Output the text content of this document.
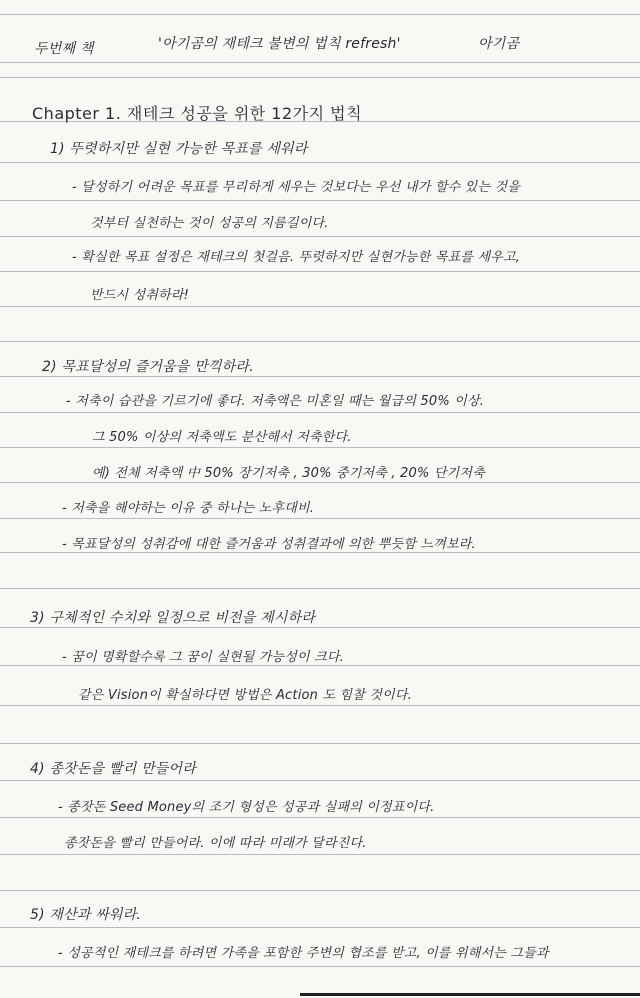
두번째 책	'아기곰의 재테크 불변의 법칙 refresh'	아기곰
Chapter 1. 재테크 성공을 위한 12가지 법칙
1) 뚜렷하지만 실현 가능한 목표를 세워라
- 달성하기 어려운 목표를 무리하게 세우는 것보다는 우선 내가 할수 있는 것을
것부터 실천하는 것이 성공의 지름길이다.
- 확실한 목표 설정은 재테크의 첫걸음. 뚜렷하지만 실현가능한 목표를 세우고,
반드시 성취하라!
2) 목표달성의 즐거움을 만끽하라.
- 저축이 습관을 기르기에 좋다. 저축액은 미혼일 때는 월급의 50% 이상.
그 50% 이상의 저축액도 분산해서 저축한다.
예) 전체 저축액 中 50% 장기저축 , 30% 중기저축 , 20% 단기저축
- 저축을 해야하는 이유 중 하나는 노후대비.
- 목표달성의 성취감에 대한 즐거움과 성취결과에 의한 뿌듯함 느껴보라.
3) 구체적인 수치와 일정으로 비전을 제시하라
- 꿈이 명확할수록 그 꿈이 실현될 가능성이 크다.
같은 Vision이 확실하다면 방법은 Action 도 힘찰 것이다.
4) 종잣돈을 빨리 만들어라
- 종잣돈 Seed Money의 조기 형성은 성공과 실패의 이정표이다.
종잣돈을 빨리 만들어라. 이에 따라 미래가 달라진다.
5) 재산과 싸워라.
- 성공적인 재테크를 하려면 가족을 포함한 주변의 협조를 받고, 이를 위해서는 그들과
